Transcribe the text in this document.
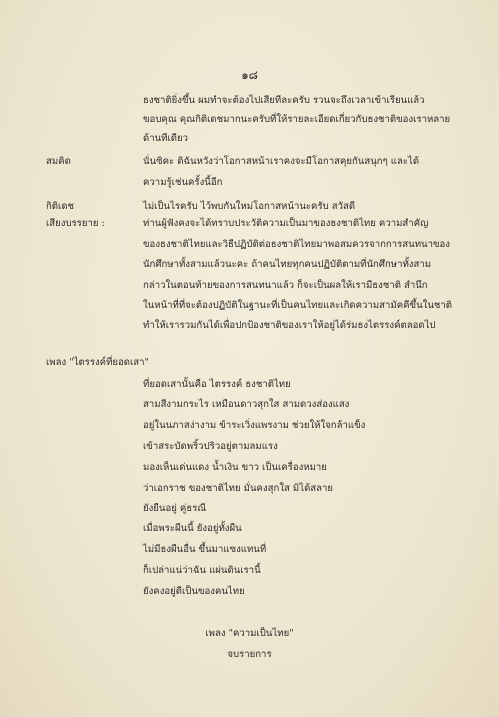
๑๘
ธงชาติยิ่งขึ้น ผมทำจะต้องไปเสียทีละครับ รวนจะถึงเวลาเข้าเรียนแล้ว
ขอบคุณ คุณกิติเดชมากนะครับที่ให้รายละเอียดเกี่ยวกับธงชาติของเราหลาย
ด้านทีเดียว
สมคิด	นั่นซิคะ ดิฉันหวังว่าโอกาสหน้าเราคงจะมีโอกาสคุยกันสนุกๆ และได้
ความรู้เช่นครั้งนี้อีก
กิติเดช	ไม่เป็นไรครับ ไว้พบกันใหม่โอกาสหน้านะครับ สวัสดี
เสียงบรรยาย :	ท่านผู้ฟังคงจะได้ทราบประวัติความเป็นมาของธงชาติไทย ความสำคัญ
ของธงชาติไทยและวิธีปฏิบัติต่อธงชาติไทยมาพอสมควรจากการสนทนาของ
นักศึกษาทั้งสามแล้วนะคะ ถ้าคนไทยทุกคนปฏิบัติตามที่นักศึกษาทั้งสาม
กล่าวในตอนท้ายของการสนทนาแล้ว ก็จะเป็นผลให้เรามีธงชาติ สำนึก
ในหน้าที่ที่จะต้องปฏิบัติในฐานะที่เป็นคนไทยและเกิดความสามัคคีขึ้นในชาติ
ทำให้เรารวมกันได้เพื่อปกป้องชาติของเราให้อยู่ได้ร่มธงไตรรงค์ตลอดไป
เพลง "ไตรรงค์ที่ยอดเสา"
ที่ยอดเสานั้นคือ ไตรรงค์ ธงชาติไทย
สามสีงามกระไร เหมือนดาวสุกใส สามดวงส่องแสง
อยู่ในนภาสง่างาม ข้าระเวิ่งแพรงาม ช่วยให้ใจกล้าแข็ง
เข้าสระบัดพริ้วปริวอยู่ตามลมแรง
มองเห็นเด่นแดง น้ำเงิน ขาว เป็นเครื่องหมาย
ว่าเอกราช ของชาติไทย มั่นคงสุกใส มิได้สลาย
ยังยืนอยู่ คู่ธรณี
เมื่อพระผืนนี้ ยังอยู่ทั้งผืน
ไม่มีธงผืนอื่น ขึ้นมาแซงแทนที่
ก็เปล่าแน่ว่าฉัน แผ่นดินเรานี้
ยังคงอยู่ดีเป็นของคนไทย
เพลง "ความเป็นไทย"
จบรายการ
